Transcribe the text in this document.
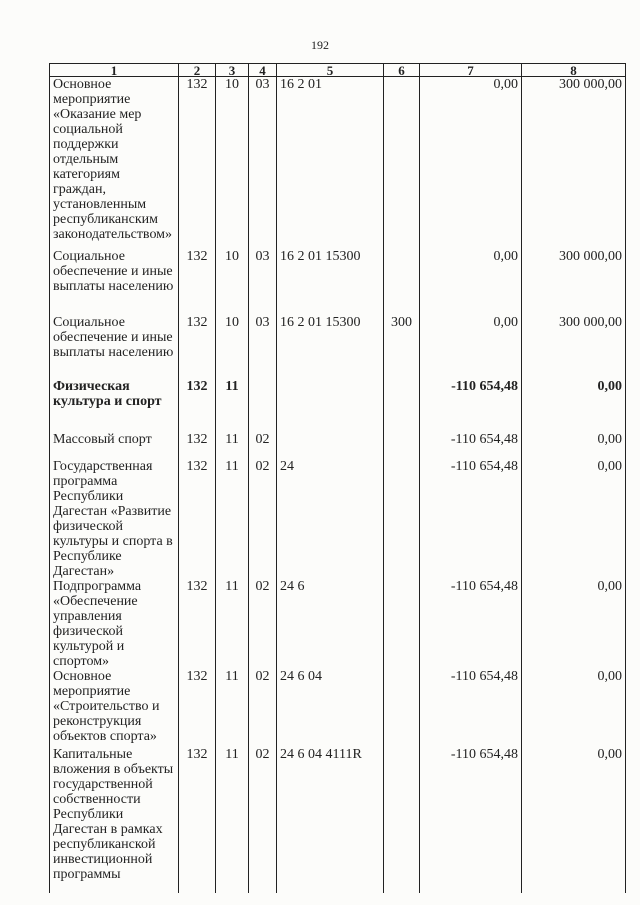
192
1	2	3	4	5	6	7	8
Основное мероприятие «Оказание мер социальной поддержки отдельным категориям граждан, установленным республиканским законодательством»	132	10	03	16 2 01		0,00	300 000,00
Социальное обеспечение и иные выплаты населению	132	10	03	16 2 01 15300		0,00	300 000,00
Социальное обеспечение и иные выплаты населению	132	10	03	16 2 01 15300	300	0,00	300 000,00
Физическая культура и спорт	132	11				-110 654,48	0,00
Массовый спорт	132	11	02			-110 654,48	0,00
Государственная программа Республики Дагестан «Развитие физической культуры и спорта в Республике Дагестан»	132	11	02	24		-110 654,48	0,00
Подпрограмма «Обеспечение управления физической культурой и спортом»	132	11	02	24 6		-110 654,48	0,00
Основное мероприятие «Строительство и реконструкция объектов спорта»	132	11	02	24 6 04		-110 654,48	0,00
Капитальные вложения в объекты государственной собственности Республики Дагестан в рамках республиканской инвестиционной программы	132	11	02	24 6 04 4111R		-110 654,48	0,00
